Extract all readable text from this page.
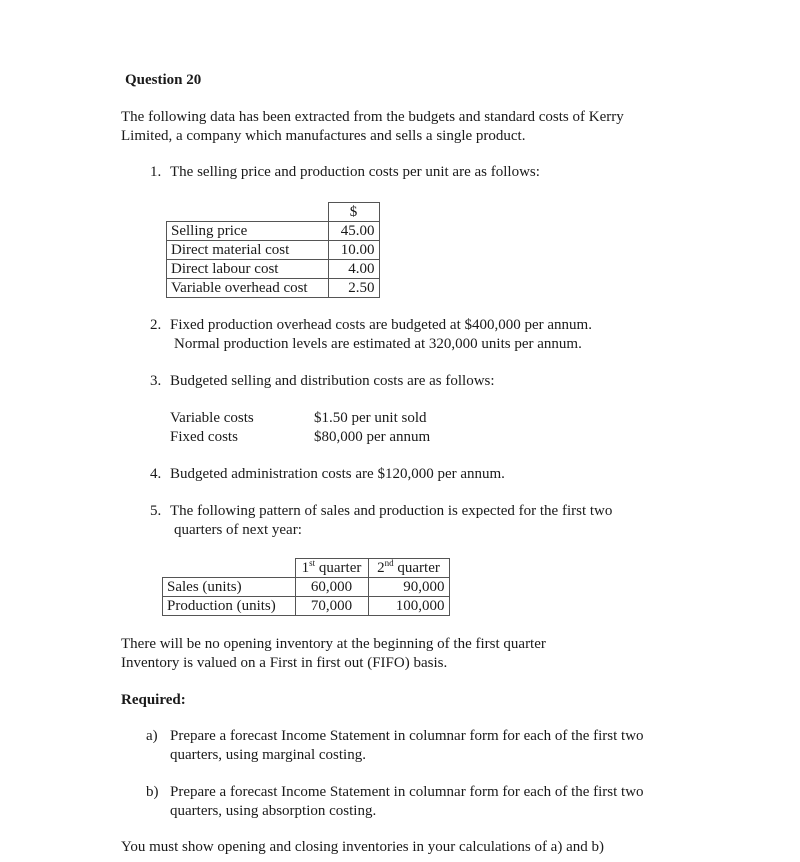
Question 20
The following data has been extracted from the budgets and standard costs of Kerry
Limited, a company which manufactures and sells a single product.
1. The selling price and production costs per unit are as follows:
	$
Selling price	45.00
Direct material cost	10.00
Direct labour cost	4.00
Variable overhead cost	2.50
2. Fixed production overhead costs are budgeted at $400,000 per annum.
Normal production levels are estimated at 320,000 units per annum.
3. Budgeted selling and distribution costs are as follows:
Variable costs	$1.50 per unit sold
Fixed costs	$80,000 per annum
4. Budgeted administration costs are $120,000 per annum.
5. The following pattern of sales and production is expected for the first two
quarters of next year:
	1st quarter	2nd quarter
Sales (units)	60,000	90,000
Production (units)	70,000	100,000
There will be no opening inventory at the beginning of the first quarter
Inventory is valued on a First in first out (FIFO) basis.
Required:
a) Prepare a forecast Income Statement in columnar form for each of the first two
quarters, using marginal costing.
b) Prepare a forecast Income Statement in columnar form for each of the first two
quarters, using absorption costing.
You must show opening and closing inventories in your calculations of a) and b)
